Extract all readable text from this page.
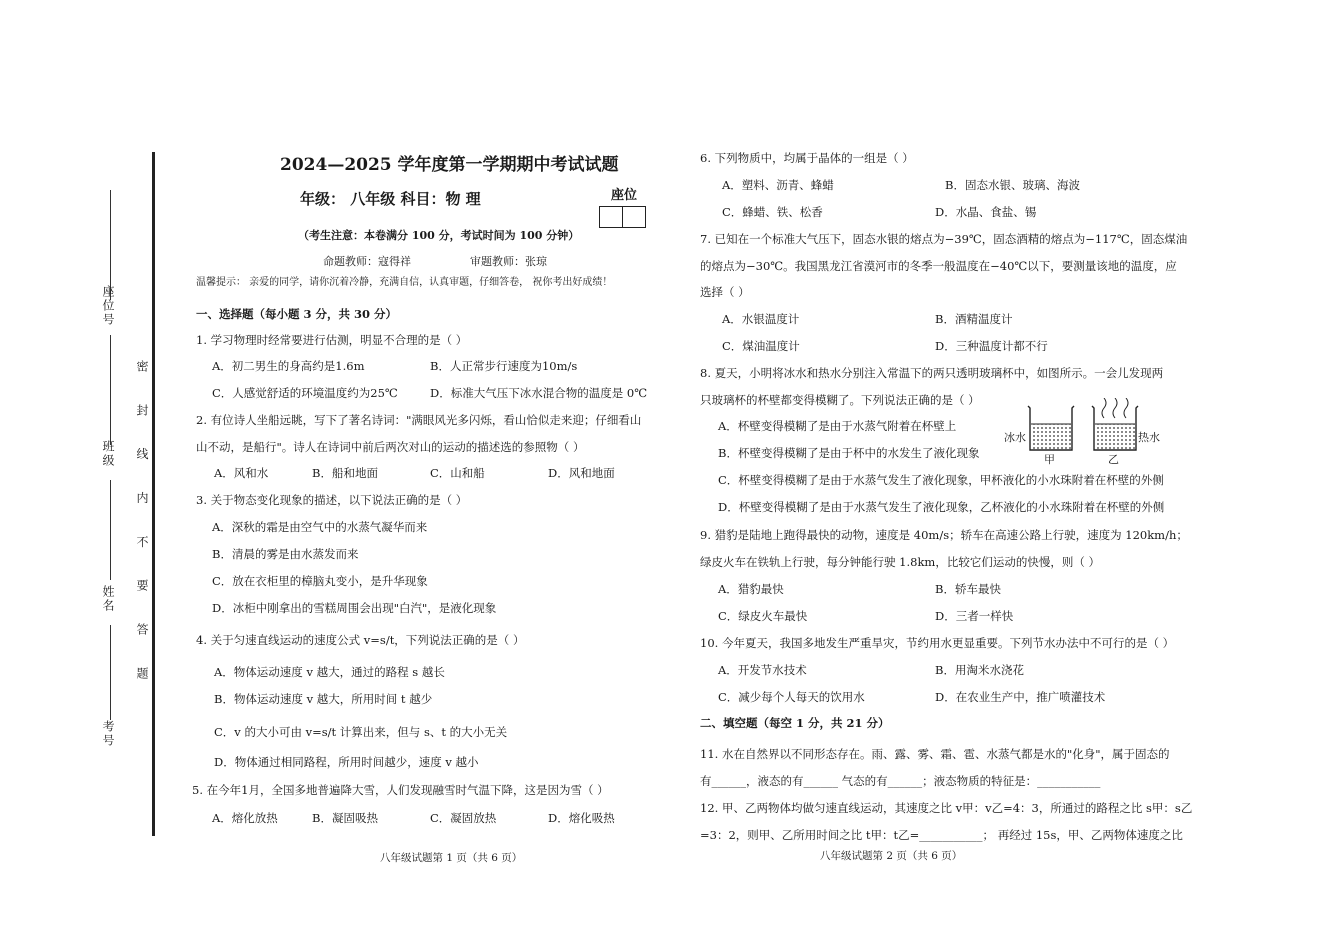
座位号
班级
姓名
考号
密 封 线 内 不 要 答 题
2024—2025 学年度第一学期期中考试试题
年级： 八年级 科目：物 理	座位
（考生注意：本卷满分 100 分，考试时间为 100 分钟）
命题教师：寇得祥	审题教师：张琼
温馨提示： 亲爱的同学，请你沉着冷静，充满自信，认真审题，仔细答卷， 祝你考出好成绩！
一、选择题（每小题 3 分，共 30 分）
1. 学习物理时经常要进行估测，明显不合理的是（ ）
A．初二男生的身高约是1.6m	B．人正常步行速度为10m/s
C．人感觉舒适的环境温度约为25℃	D．标准大气压下冰水混合物的温度是 0℃
2. 有位诗人坐船远眺，写下了著名诗词："满眼风光多闪烁，看山恰似走来迎；仔细看山
山不动，是船行"。诗人在诗词中前后两次对山的运动的描述选的参照物（ ）
A．风和水	B．船和地面	C．山和船	D．风和地面
3. 关于物态变化现象的描述，以下说法正确的是（ ）
A．深秋的霜是由空气中的水蒸气凝华而来
B．清晨的雾是由水蒸发而来
C．放在衣柜里的樟脑丸变小，是升华现象
D．冰柜中刚拿出的雪糕周围会出现"白汽"，是液化现象
4. 关于匀速直线运动的速度公式 v=s/t，下列说法正确的是（ ）
A．物体运动速度 v 越大，通过的路程 s 越长
B．物体运动速度 v 越大，所用时间 t 越少
C．v 的大小可由 v=s/t 计算出来，但与 s、t 的大小无关
D．物体通过相同路程，所用时间越少，速度 v 越小
5. 在今年1月，全国多地普遍降大雪，人们发现融雪时气温下降，这是因为雪（ ）
A．熔化放热	B．凝固吸热	C．凝固放热	D．熔化吸热
八年级试题第 1 页（共 6 页）
6. 下列物质中，均属于晶体的一组是（ ）
A．塑料、沥青、蜂蜡	B．固态水银、玻璃、海波
C．蜂蜡、铁、松香	D．水晶、食盐、锡
7. 已知在一个标准大气压下，固态水银的熔点为−39℃，固态酒精的熔点为−117℃，固态煤油
的熔点为−30℃。我国黑龙江省漠河市的冬季一般温度在−40℃以下，要测量该地的温度，应
选择（ ）
A．水银温度计	B．酒精温度计
C．煤油温度计	D．三种温度计都不行
8. 夏天，小明将冰水和热水分别注入常温下的两只透明玻璃杯中，如图所示。一会儿发现两
只玻璃杯的杯壁都变得模糊了。下列说法正确的是（ ）
A．杯壁变得模糊了是由于水蒸气附着在杯壁上
B．杯壁变得模糊了是由于杯中的水发生了液化现象
C．杯壁变得模糊了是由于水蒸气发生了液化现象，甲杯液化的小水珠附着在杯壁的外侧
D．杯壁变得模糊了是由于水蒸气发生了液化现象，乙杯液化的小水珠附着在杯壁的外侧
冰水	热水
甲	乙
9. 猎豹是陆地上跑得最快的动物，速度是 40m/s；轿车在高速公路上行驶，速度为 120km/h；
绿皮火车在铁轨上行驶，每分钟能行驶 1.8km，比较它们运动的快慢，则（ ）
A．猎豹最快	B．轿车最快
C．绿皮火车最快	D．三者一样快
10. 今年夏天，我国多地发生严重旱灾，节约用水更显重要。下列节水办法中不可行的是（ ）
A．开发节水技术	B．用淘米水浇花
C．减少每个人每天的饮用水	D．在农业生产中，推广喷灌技术
二、填空题（每空 1 分，共 21 分）
11. 水在自然界以不同形态存在。雨、露、雾、霜、雹、水蒸气都是水的"化身"，属于固态的
有______，液态的有______ 气态的有______；液态物质的特征是：___________
12. 甲、乙两物体均做匀速直线运动，其速度之比 v甲：v乙=4：3，所通过的路程之比 s甲：s乙
=3：2，则甲、乙所用时间之比 t甲：t乙=___________； 再经过 15s，甲、乙两物体速度之比
八年级试题第 2 页（共 6 页）
